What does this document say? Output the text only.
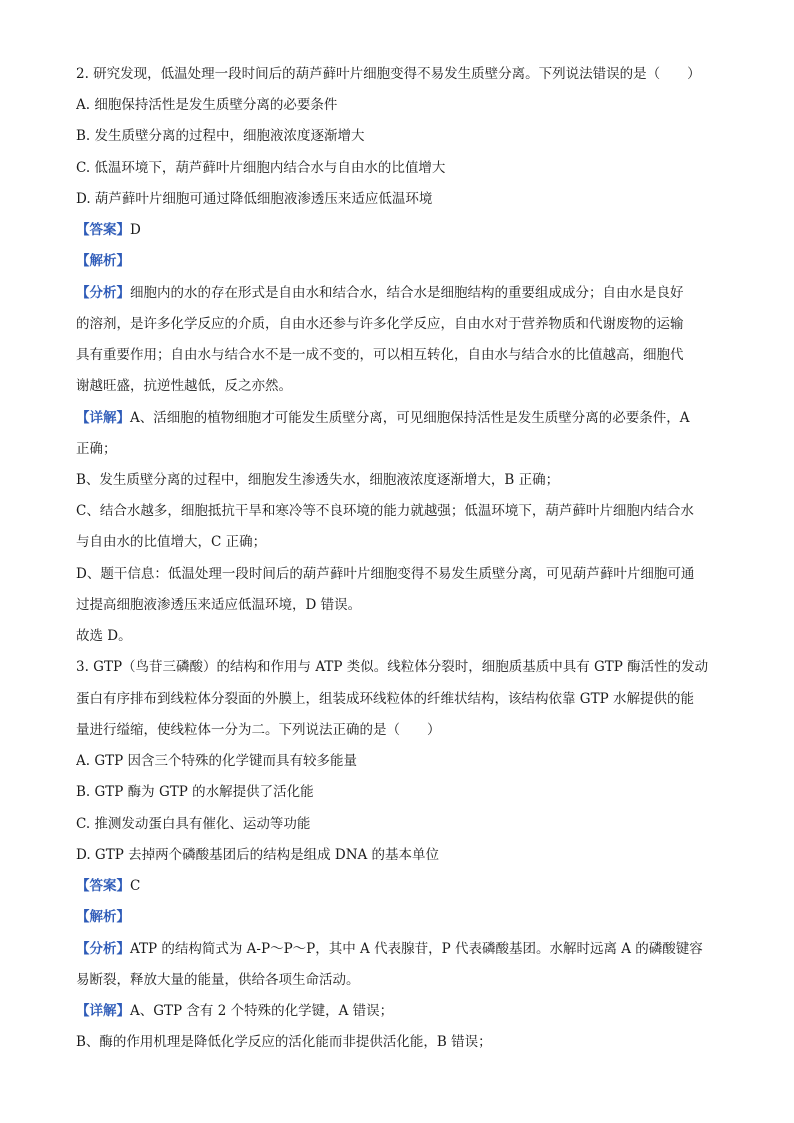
2. 研究发现，低温处理一段时间后的葫芦藓叶片细胞变得不易发生质壁分离。下列说法错误的是（　　）
A. 细胞保持活性是发生质壁分离的必要条件
B. 发生质壁分离的过程中，细胞液浓度逐渐增大
C. 低温环境下，葫芦藓叶片细胞内结合水与自由水的比值增大
D. 葫芦藓叶片细胞可通过降低细胞液渗透压来适应低温环境
【答案】D
【解析】
【分析】细胞内的水的存在形式是自由水和结合水，结合水是细胞结构的重要组成成分；自由水是良好
的溶剂，是许多化学反应的介质，自由水还参与许多化学反应，自由水对于营养物质和代谢废物的运输
具有重要作用；自由水与结合水不是一成不变的，可以相互转化，自由水与结合水的比值越高，细胞代
谢越旺盛，抗逆性越低，反之亦然。
【详解】A、活细胞的植物细胞才可能发生质壁分离，可见细胞保持活性是发生质壁分离的必要条件，A
正确；
B、发生质壁分离的过程中，细胞发生渗透失水，细胞液浓度逐渐增大，B 正确；
C、结合水越多，细胞抵抗干旱和寒冷等不良环境的能力就越强；低温环境下，葫芦藓叶片细胞内结合水
与自由水的比值增大，C 正确；
D、题干信息：低温处理一段时间后的葫芦藓叶片细胞变得不易发生质壁分离，可见葫芦藓叶片细胞可通
过提高细胞液渗透压来适应低温环境，D 错误。
故选 D。
3. GTP（鸟苷三磷酸）的结构和作用与 ATP 类似。线粒体分裂时，细胞质基质中具有 GTP 酶活性的发动
蛋白有序排布到线粒体分裂面的外膜上，组装成环线粒体的纤维状结构，该结构依靠 GTP 水解提供的能
量进行缢缩，使线粒体一分为二。下列说法正确的是（　　）
A. GTP 因含三个特殊的化学键而具有较多能量
B. GTP 酶为 GTP 的水解提供了活化能
C. 推测发动蛋白具有催化、运动等功能
D. GTP 去掉两个磷酸基团后的结构是组成 DNA 的基本单位
【答案】C
【解析】
【分析】ATP 的结构简式为 A-P～P～P，其中 A 代表腺苷，P 代表磷酸基团。水解时远离 A 的磷酸键容
易断裂，释放大量的能量，供给各项生命活动。
【详解】A、GTP 含有 2 个特殊的化学键，A 错误；
B、酶的作用机理是降低化学反应的活化能而非提供活化能，B 错误；
